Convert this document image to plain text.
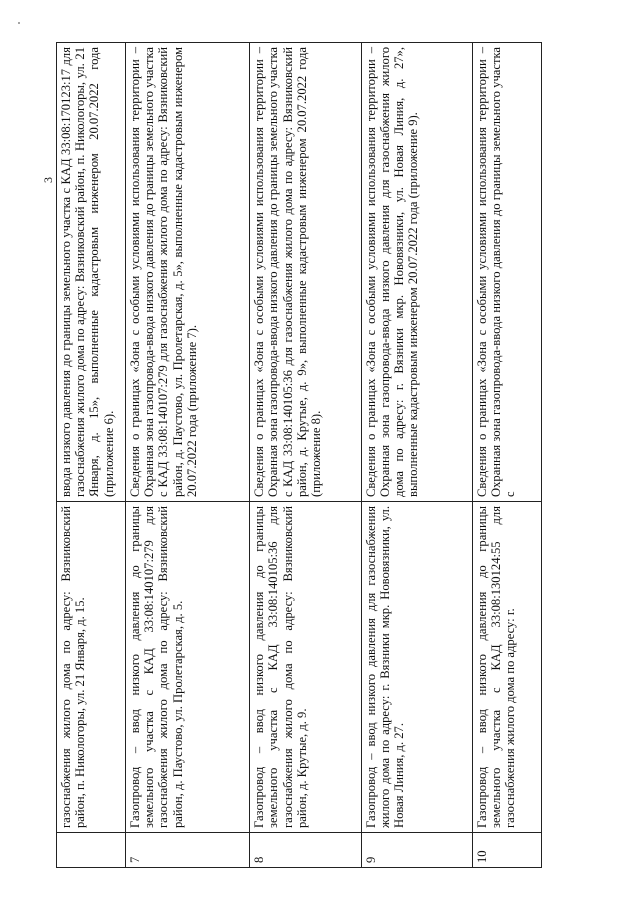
3
	газоснабжения жилого дома по адресу: Вязниковский район, п. Никологоры, ул. 21 Января, д. 15.	ввода низкого давления до границы земельного участка с КАД 33:08:170123:17 для газоснабжения жилого дома по адресу: Вязниковский район, п. Никологоры, ул. 21 Января, д. 15», выполненные кадастровым инженером 20.07.2022 года (приложение 6).
7	Газопровод – ввод низкого давления до границы земельного участка с КАД 33:08:140107:279 для газоснабжения жилого дома по адресу: Вязниковский район, д. Паустово, ул. Пролетарская, д. 5.	Сведения о границах «Зона с особыми условиями использования территории – Охранная зона газопровода-ввода низкого давления до границы земельного участка с КАД 33:08:140107:279 для газоснабжения жилого дома по адресу: Вязниковский район, д. Паустово, ул. Пролетарская, д. 5», выполненные кадастровым инженером 20.07.2022 года (приложение 7).
8	Газопровод – ввод низкого давления до границы земельного участка с КАД 33:08:140105:36 для газоснабжения жилого дома по адресу: Вязниковский район, д. Крутые, д. 9.	Сведения о границах «Зона с особыми условиями использования территории – Охранная зона газопровода-ввода низкого давления до границы земельного участка с КАД 33:08:140105:36 для газоснабжения жилого дома по адресу: Вязниковский район, д. Крутые, д. 9», выполненные кадастровым инженером 20.07.2022 года (приложение 8).
9	Газопровод – ввод низкого давления для газоснабжения жилого дома по адресу: г. Вязники мкр. Нововязники, ул. Новая Линия, д. 27.	Сведения о границах «Зона с особыми условиями использования территории – Охранная зона газопровода-ввода низкого давления для газоснабжения жилого дома по адресу: г. Вязники мкр. Нововязники, ул. Новая Линия, д. 27», выполненные кадастровым инженером 20.07.2022 года (приложение 9).
10	Газопровод – ввод низкого давления до границы земельного участка с КАД 33:08:130124:55 для газоснабжения жилого дома по адресу: г.	Сведения о границах «Зона с особыми условиями использования территории – Охранная зона газопровода-ввода низкого давления до границы земельного участка с
